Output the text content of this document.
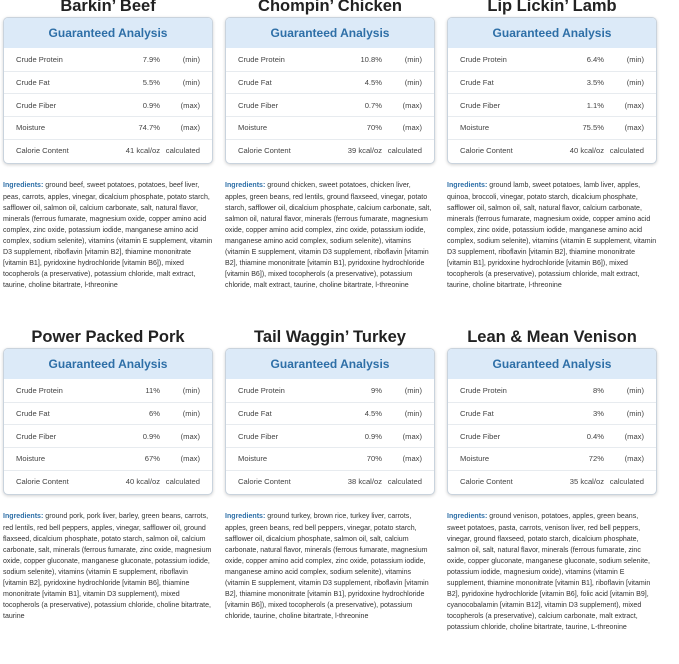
Barkin’ Beef
Guaranteed Analysis
Crude Protein	7.9%	(min)
Crude Fat	5.5%	(min)
Crude Fiber	0.9%	(max)
Moisture	74.7%	(max)
Calorie Content	41 kcal/oz calculated
Ingredients: ground beef, sweet potatoes, potatoes, beef liver, peas, carrots, apples, vinegar, dicalcium phosphate, potato starch, safflower oil, salmon oil, calcium carbonate, salt, natural flavor, minerals (ferrous fumarate, magnesium oxide, copper amino acid complex, zinc oxide, potassium iodide, manganese amino acid complex, sodium selenite), vitamins (vitamin E supplement, vitamin D3 supplement, riboflavin [vitamin B2], thiamine mononitrate [vitamin B1], pyridoxine hydrochloride [vitamin B6]), mixed tocopherols (a preservative), potassium chloride, malt extract, taurine, choline bitartrate, l-threonine
Chompin’ Chicken
Guaranteed Analysis
Crude Protein	10.8%	(min)
Crude Fat	4.5%	(min)
Crude Fiber	0.7%	(max)
Moisture	70%	(max)
Calorie Content	39 kcal/oz calculated
Ingredients: ground chicken, sweet potatoes, chicken liver, apples, green beans, red lentils, ground flaxseed, vinegar, potato starch, safflower oil, dicalcium phosphate, calcium carbonate, salt, salmon oil, natural flavor, minerals (ferrous fumarate, magnesium oxide, copper amino acid complex, zinc oxide, potassium iodide, manganese amino acid complex, sodium selenite), vitamins (vitamin E supplement, vitamin D3 supplement, riboflavin [vitamin B2], thiamine mononitrate [vitamin B1], pyridoxine hydrochloride [vitamin B6]), mixed tocopherols (a preservative), potassium chloride, malt extract, taurine, choline bitartrate, l-threonine
Lip Lickin’ Lamb
Guaranteed Analysis
Crude Protein	6.4%	(min)
Crude Fat	3.5%	(min)
Crude Fiber	1.1%	(max)
Moisture	75.5%	(max)
Calorie Content	40 kcal/oz calculated
Ingredients: ground lamb, sweet potatoes, lamb liver, apples, quinoa, broccoli, vinegar, potato starch, dicalcium phosphate, safflower oil, salmon oil, salt, natural flavor, calcium carbonate, minerals (ferrous fumarate, magnesium oxide, copper amino acid complex, zinc oxide, potassium iodide, manganese amino acid complex, sodium selenite), vitamins (vitamin E supplement, vitamin D3 supplement, riboflavin [vitamin B2], thiamine mononitrate [vitamin B1], pyridoxine hydrochloride [vitamin B6]), mixed tocopherols (a preservative), potassium chloride, malt extract, taurine, choline bitartrate, l-threonine
Power Packed Pork
Guaranteed Analysis
Crude Protein	11%	(min)
Crude Fat	6%	(min)
Crude Fiber	0.9%	(max)
Moisture	67%	(max)
Calorie Content	40 kcal/oz calculated
Ingredients: ground pork, pork liver, barley, green beans, carrots, red lentils, red bell peppers, apples, vinegar, safflower oil, ground flaxseed, dicalcium phosphate, potato starch, salmon oil, calcium carbonate, salt, minerals (ferrous fumarate, zinc oxide, magnesium oxide, copper gluconate, manganese gluconate, potassium iodide, sodium selenite), vitamins (vitamin E supplement, riboflavin [vitamin B2], pyridoxine hydrochloride [vitamin B6], thiamine mononitrate [vitamin B1], vitamin D3 supplement), mixed tocopherols (a preservative), potassium chloride, choline bitartrate, taurine
Tail Waggin’ Turkey
Guaranteed Analysis
Crude Protein	9%	(min)
Crude Fat	4.5%	(min)
Crude Fiber	0.9%	(max)
Moisture	70%	(max)
Calorie Content	38 kcal/oz calculated
Ingredients: ground turkey, brown rice, turkey liver, carrots, apples, green beans, red bell peppers, vinegar, potato starch, safflower oil, dicalcium phosphate, salmon oil, salt, calcium carbonate, natural flavor, minerals (ferrous fumarate, magnesium oxide, copper amino acid complex, zinc oxide, potassium iodide, manganese amino acid complex, sodium selenite), vitamins (vitamin E supplement, vitamin D3 supplement, riboflavin [vitamin B2], thiamine mononitrate [vitamin B1], pyridoxine hydrochloride [vitamin B6]), mixed tocopherols (a preservative), potassium chloride, taurine, choline bitartrate, l-threonine
Lean & Mean Venison
Guaranteed Analysis
Crude Protein	8%	(min)
Crude Fat	3%	(min)
Crude Fiber	0.4%	(max)
Moisture	72%	(max)
Calorie Content	35 kcal/oz calculated
Ingredients: ground venison, potatoes, apples, green beans, sweet potatoes, pasta, carrots, venison liver, red bell peppers, vinegar, ground flaxseed, potato starch, dicalcium phosphate, salmon oil, salt, natural flavor, minerals (ferrous fumarate, zinc oxide, copper gluconate, manganese gluconate, sodium selenite, potassium iodide, magnesium oxide), vitamins (vitamin E supplement, thiamine mononitrate [vitamin B1], riboflavin [vitamin B2], pyridoxine hydrochloride [vitamin B6], folic acid [vitamin B9], cyanocobalamin [vitamin B12], vitamin D3 supplement), mixed tocopherols (a preservative), calcium carbonate, malt extract, potassium chloride, choline bitartrate, taurine, L-threonine
